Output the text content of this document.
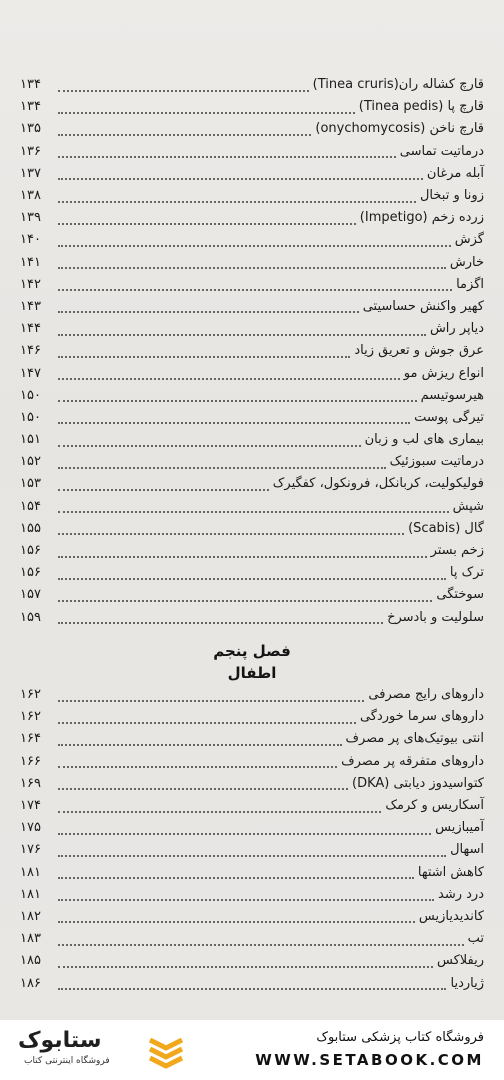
قارچ کشاله ران(Tinea cruris)
۱۳۴
قارچ پا (Tinea pedis)
۱۳۴
قارچ ناخن (onychomycosis)
۱۳۵
درماتیت تماسی
۱۳۶
آبله مرغان
۱۳۷
زونا و تبخال
۱۳۸
زرده زخم (Impetigo)
۱۳۹
گزش
۱۴۰
خارش
۱۴۱
اگزما
۱۴۲
کهیر واکنش حساسیتی
۱۴۳
دیاپر راش
۱۴۴
عرق جوش و تعریق زیاد
۱۴۶
انواع ریزش مو
۱۴۷
هیرسوتیسم
۱۵۰
تیرگی پوست
۱۵۰
بیماری های لب و زبان
۱۵۱
درماتیت سبوزئیک
۱۵۲
فولیکولیت، کربانکل، فرونکول، کفگیرک
۱۵۳
شپش
۱۵۴
گال (Scabis)
۱۵۵
زخم بستر
۱۵۶
ترک پا
۱۵۶
سوختگی
۱۵۷
سلولیت و بادسرخ
۱۵۹
فصل پنجم
اطفال
داروهای رایج مصرفی
۱۶۲
داروهای سرما خوردگی
۱۶۲
انتی بیوتیک‌های پر مصرف
۱۶۴
داروهای متفرقه پر مصرف
۱۶۶
کتواسیدوز دیابتی (DKA)
۱۶۹
آسکاریس و کرمک
۱۷۴
آمیبازیس
۱۷۵
اسهال
۱۷۶
کاهش اشتها
۱۸۱
درد رشد
۱۸۱
کاندیدیازیس
۱۸۲
تب
۱۸۳
ریفلاکس
۱۸۵
ژیاردیا
۱۸۶
ستابوک
فروشگاه اینترنتی کتاب
فروشگاه کتاب پزشکی ستابوک
WWW.SETABOOK.COM
